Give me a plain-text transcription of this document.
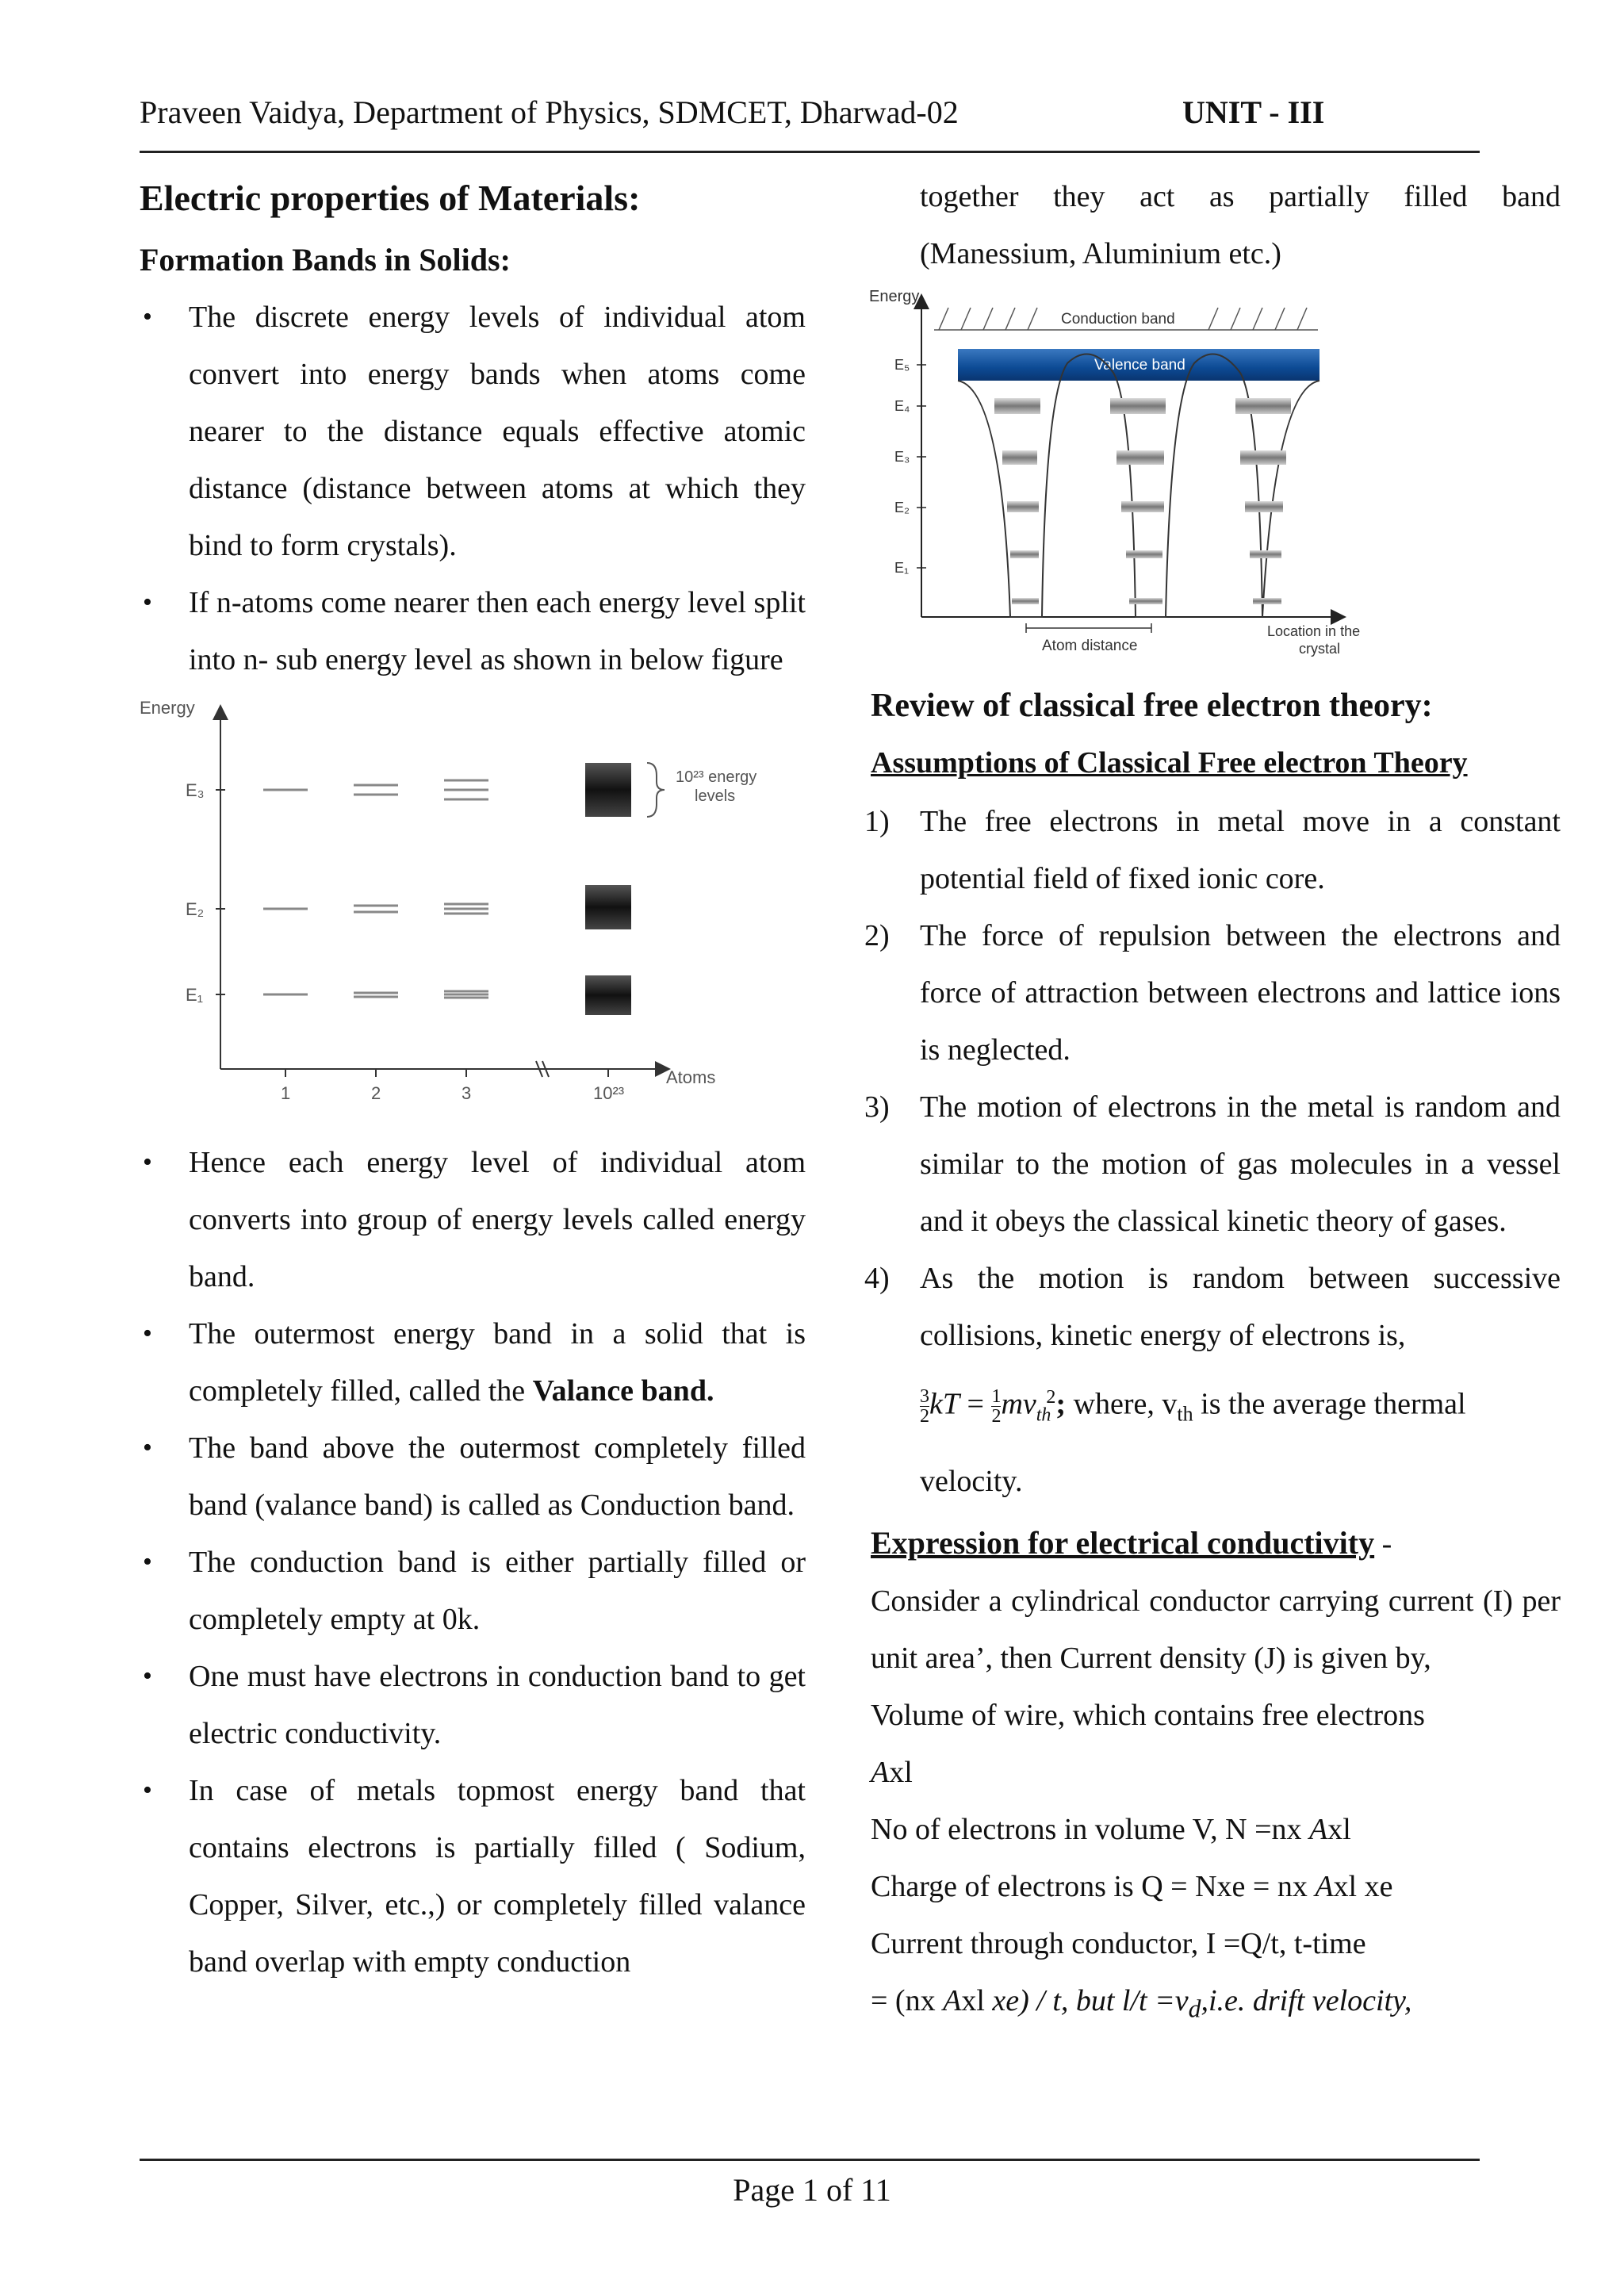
Praveen Vaidya, Department of Physics, SDMCET, Dharwad-02	UNIT - III
Electric properties of Materials:
Formation Bands in Solids:
• The discrete energy levels of individual atom convert into energy bands when atoms come nearer to the distance equals effective atomic distance (distance between atoms at which they bind to form crystals).
• If n-atoms come nearer then each energy level split into n- sub energy level as shown in below figure
Energy
E₃
E₂
E₁
10²³ energy
levels
1	2	3	10²³
Atoms
• Hence each energy level of individual atom converts into group of energy levels called energy band.
• The outermost energy band in a solid that is completely filled, called the Valance band.
• The band above the outermost completely filled band (valance band) is called as Conduction band.
• The conduction band is either partially filled or completely empty at 0k.
• One must have electrons in conduction band to get electric conductivity.
• In case of metals topmost energy band that contains electrons is partially filled ( Sodium, Copper, Silver, etc.,) or completely filled valance band overlap with empty conduction

together they act as partially filled band (Manessium, Aluminium etc.)

Energy
Conduction band
Valence band
E₅
E₄
E₃
E₂
E₁
Atom distance
Location in the
crystal
Review of classical free electron theory:
Assumptions of Classical Free electron Theory
1) The free electrons in metal move in a constant potential field of fixed ionic core.
2) The force of repulsion between the electrons and force of attraction between electrons and lattice ions is neglected.
3) The motion of electrons in the metal is random and similar to the motion of gas molecules in a vessel and it obeys the classical kinetic theory of gases.
4) As the motion is random between successive collisions, kinetic energy of electrons is,

$\frac{3}{2}$ kT = $\frac{1}{2} mv_{th}^2$; where, $v_{th}$ is the average thermal velocity.

Expression for electrical conductivity -
Consider a cylindrical conductor carrying current (I) per unit area’, then Current density (J) is given by,
Volume of wire, which contains free electrons
Axl
No of electrons in volume V, N =nx Axl
Charge of electrons is Q = Nxe = nx Axl xe
Current through conductor, I =Q/t, t-time
= (nx Axl xe) / t, but $l/t =v_d,i.e$. drift velocity,
Page 1 of 11
